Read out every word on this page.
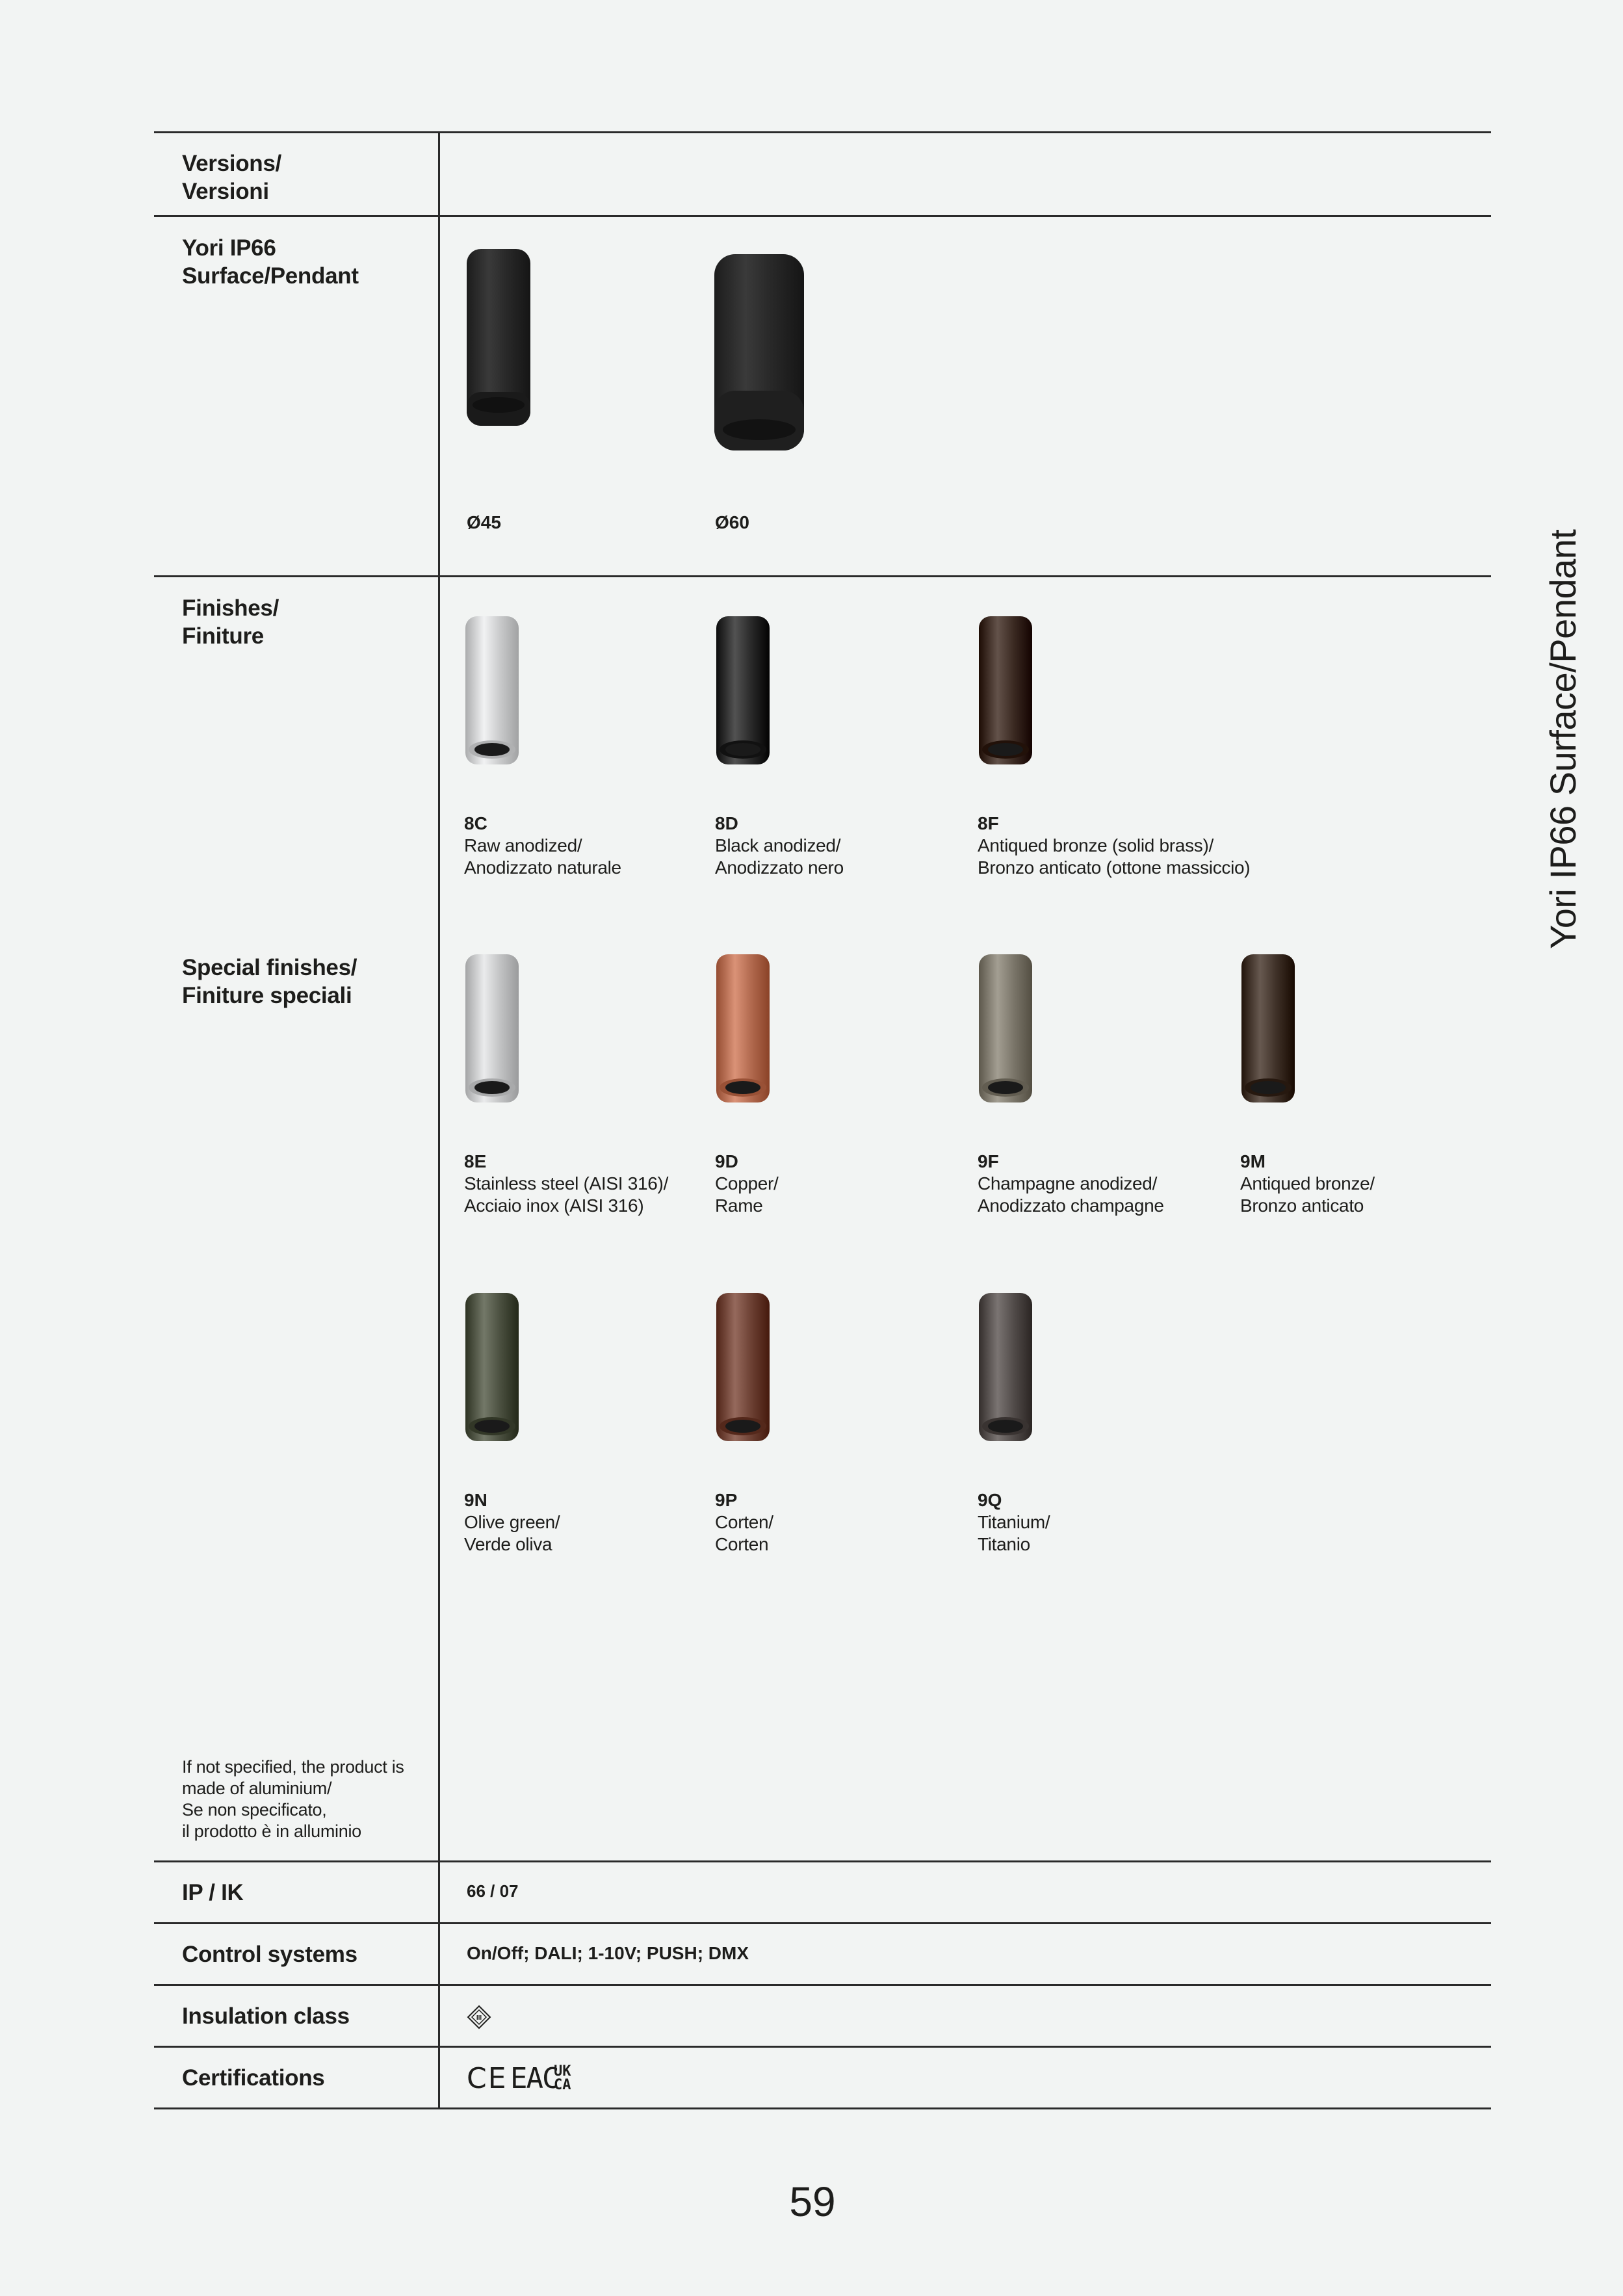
Yori IP66 Surface/Pendant
Versions/
Versioni
Yori IP66
Surface/Pendant
Finishes/
Finiture
Special finishes/
Finiture speciali
If not specified, the product is
made of aluminium/
Se non specificato,
il prodotto è in alluminio
IP / IK
Control systems
Insulation class
Certifications
Ø45	Ø60
66 / 07
On/Off; DALI; 1-10V; PUSH; DMX
III
CE EAC
UK
CA
59
8C
Raw anodized/
Anodizzato naturale
8D
Black anodized/
Anodizzato nero
8F
Antiqued bronze (solid brass)/
Bronzo anticato (ottone massiccio)
8E
Stainless steel (AISI 316)/
Acciaio inox (AISI 316)
9D
Copper/
Rame
9F
Champagne anodized/
Anodizzato champagne
9M
Antiqued bronze/
Bronzo anticato
9N
Olive green/
Verde oliva
9P
Corten/
Corten
9Q
Titanium/
Titanio
